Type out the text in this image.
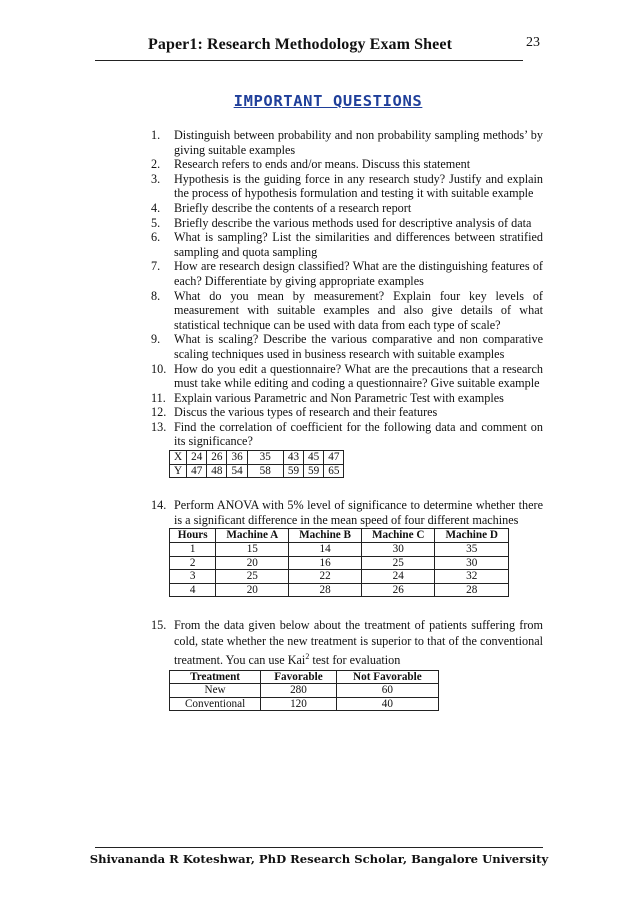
Paper1: Research Methodology Exam Sheet	23
IMPORTANT QUESTIONS
1.	Distinguish between probability and non probability sampling methods’ by giving suitable examples
2.	Research refers to ends and/or means. Discuss this statement
3.	Hypothesis is the guiding force in any research study? Justify and explain the process of hypothesis formulation and testing it with suitable example
4.	Briefly describe the contents of a research report
5.	Briefly describe the various methods used for descriptive analysis of data
6.	What is sampling? List the similarities and differences between stratified sampling and quota sampling
7.	How are research design classified? What are the distinguishing features of each? Differentiate by giving appropriate examples
8.	What do you mean by measurement? Explain four key levels of measurement with suitable examples and also give details of what statistical technique can be used with data from each type of scale?
9.	What is scaling? Describe the various comparative and non comparative scaling techniques used in business research with suitable examples
10. How do you edit a questionnaire? What are the precautions that a research must take while editing and coding a questionnaire? Give suitable example
11. Explain various Parametric and Non Parametric Test with examples
12. Discus the various types of research and their features
13. Find the correlation of coefficient for the following data and comment on its significance?
X	24	26	36	35	43	45	47
Y	47	48	54	58	59	59	65
14. Perform ANOVA with 5% level of significance to determine whether there is a significant difference in the mean speed of four different machines
Hours	Machine A	Machine B	Machine C	Machine D
1	15	14	30	35
2	20	16	25	30
3	25	22	24	32
4	20	28	26	28
15. From the data given below about the treatment of patients suffering from cold, state whether the new treatment is superior to that of the conventional treatment. You can use Kai$^2$ test for evaluation
Treatment	Favorable	Not Favorable
New	280	60
Conventional	120	40
Shivananda R Koteshwar, PhD Research Scholar, Bangalore University
